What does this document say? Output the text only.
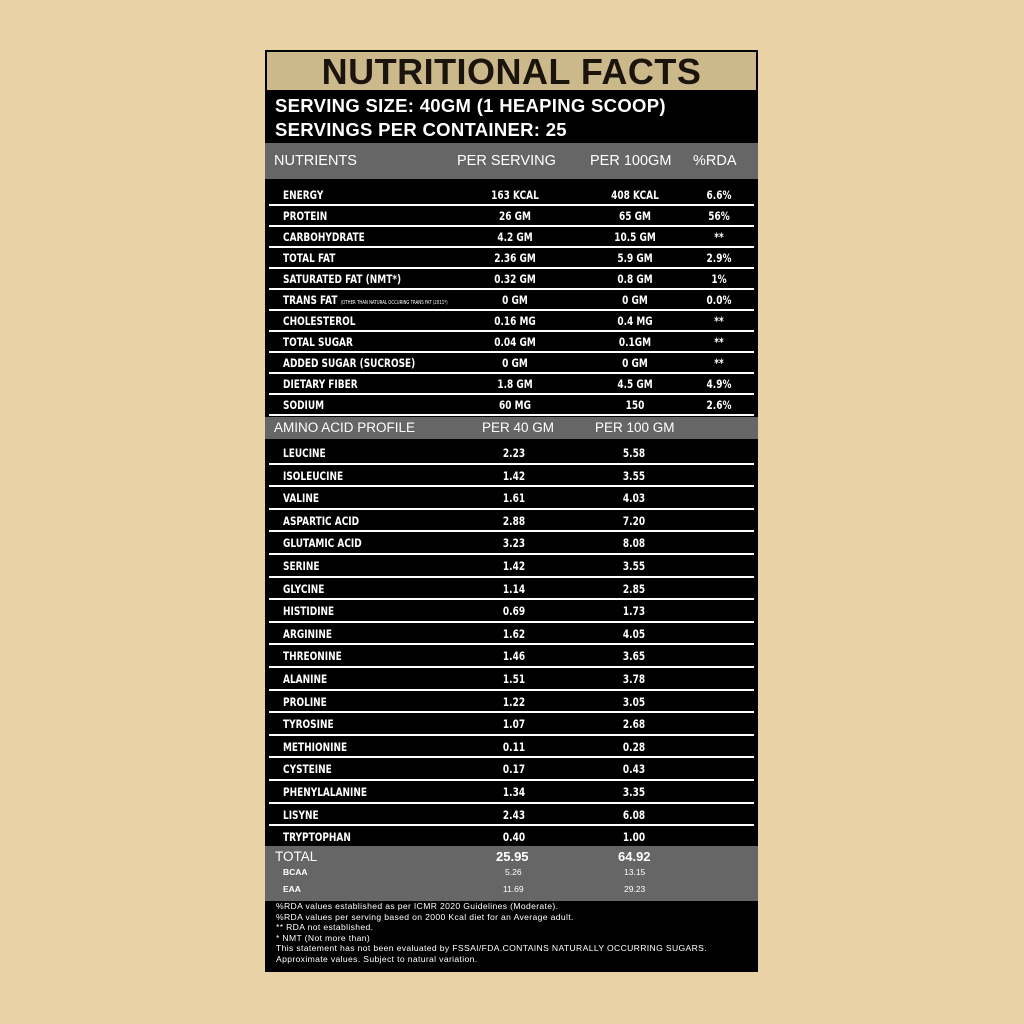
NUTRITIONAL FACTS
SERVING SIZE: 40GM (1 HEAPING SCOOP)
SERVINGS PER CONTAINER: 25
NUTRIENTS	PER SERVING PER 100GM %RDA
ENERGY	163 KCAL	408 KCAL	6.6%
PROTEIN	26 GM	65 GM	56%
CARBOHYDRATE	4.2 GM	10.5 GM	**
TOTAL FAT	2.36 GM	5.9 GM	2.9%
SATURATED FAT (NMT*)	0.32 GM	0.8 GM	1%
TRANS FAT (OTHER THAN NATURAL OCCURING TRANS FAT (2011*)	0 GM	0 GM	0.0%
CHOLESTEROL	0.16 MG	0.4 MG	**
TOTAL SUGAR	0.04 GM	0.1GM	**
ADDED SUGAR (SUCROSE)	0 GM	0 GM	**
DIETARY FIBER	1.8 GM	4.5 GM	4.9%
SODIUM	60 MG	150	2.6%
AMINO ACID PROFILE	PER 40 GM	PER 100 GM
LEUCINE	2.23	5.58
ISOLEUCINE	1.42	3.55
VALINE	1.61	4.03
ASPARTIC ACID	2.88	7.20
GLUTAMIC ACID	3.23	8.08
SERINE	1.42	3.55
GLYCINE	1.14	2.85
HISTIDINE	0.69	1.73
ARGININE	1.62	4.05
THREONINE	1.46	3.65
ALANINE	1.51	3.78
PROLINE	1.22	3.05
TYROSINE	1.07	2.68
METHIONINE	0.11	0.28
CYSTEINE	0.17	0.43
PHENYLALANINE	1.34	3.35
LISYNE	2.43	6.08
TRYPTOPHAN	0.40	1.00
TOTAL	25.95	64.92
BCAA	5.26	13.15
EAA	11.69	29.23
%RDA values established as per ICMR 2020 Guidelines (Moderate).
%RDA values per serving based on 2000 Kcal diet for an Average adult.
** RDA not established.
* NMT (Not more than)
This statement has not been evaluated by FSSAI/FDA.CONTAINS NATURALLY OCCURRING SUGARS.
Approximate values. Subject to natural variation.
